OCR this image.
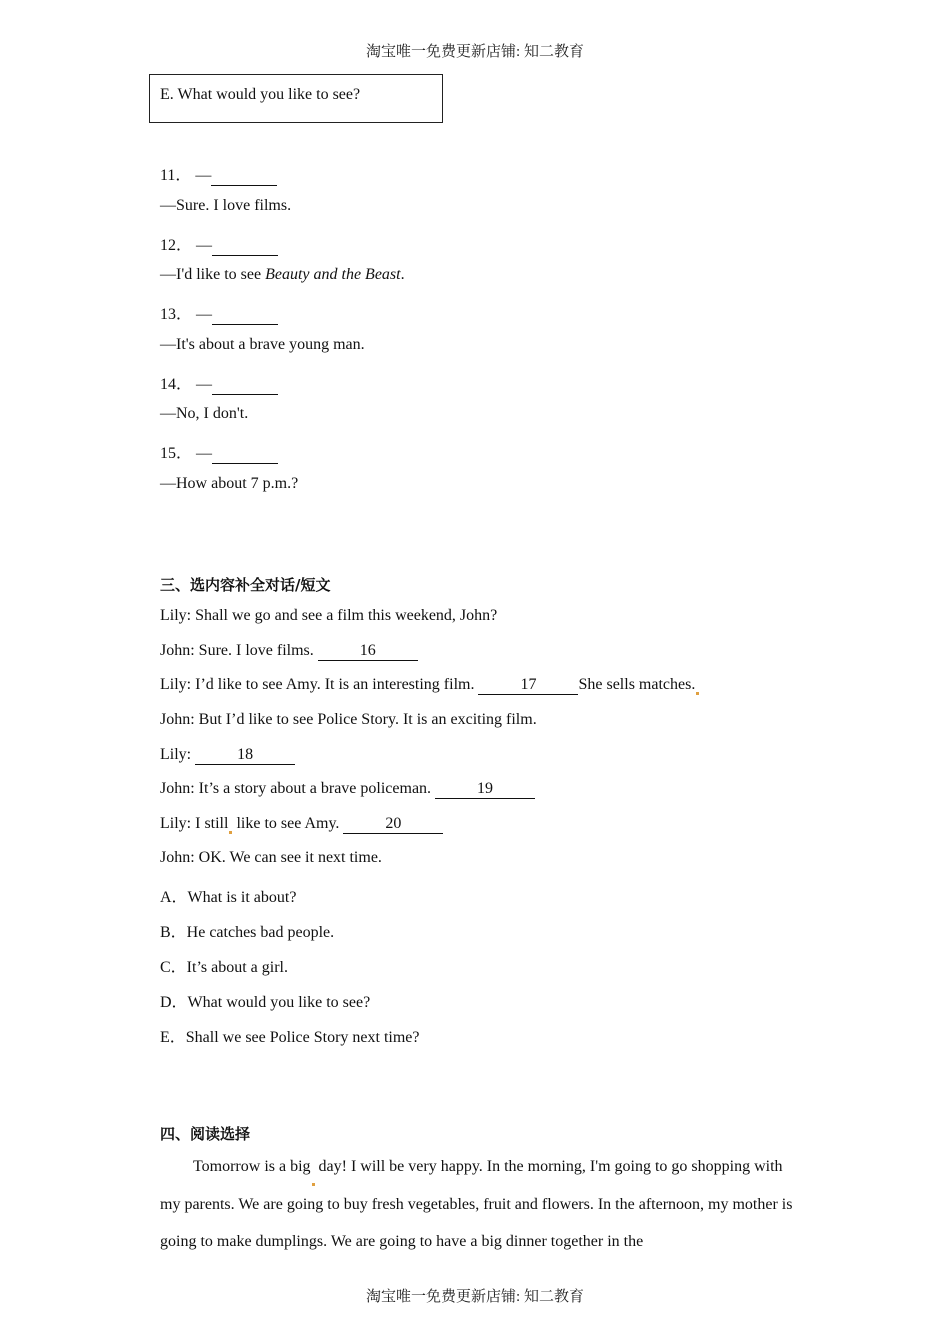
淘宝唯一免费更新店铺: 知二教育
E. What would you like to see?
11． —
—Sure. I love films.
12． —
—I'd like to see Beauty and the Beast.
13． —
—It's about a brave young man.
14． —
—No, I don't.
15． —
—How about 7 p.m.?
三、选内容补全对话/短文
Lily: Shall we go and see a film this weekend, John?
John: Sure. I love films.	16
Lily: I’d like to see Amy. It is an interesting film.	17	She sells matches.
John: But I’d like to see Police Story. It is an exciting film.
Lily:	18
John: It’s a story about a brave policeman.	19
Lily: I still like to see Amy.	20
John: OK. We can see it next time.
A．What is it about?
B．He catches bad people.
C．It’s about a girl.
D．What would you like to see?
E．Shall we see Police Story next time?
四、阅读选择
Tomorrow is a big day! I will be very happy. In the morning, I'm going to go shopping with my parents. We are going to buy fresh vegetables, fruit and flowers. In the afternoon, my mother is going to make dumplings. We are going to have a big dinner together in the
淘宝唯一免费更新店铺: 知二教育
